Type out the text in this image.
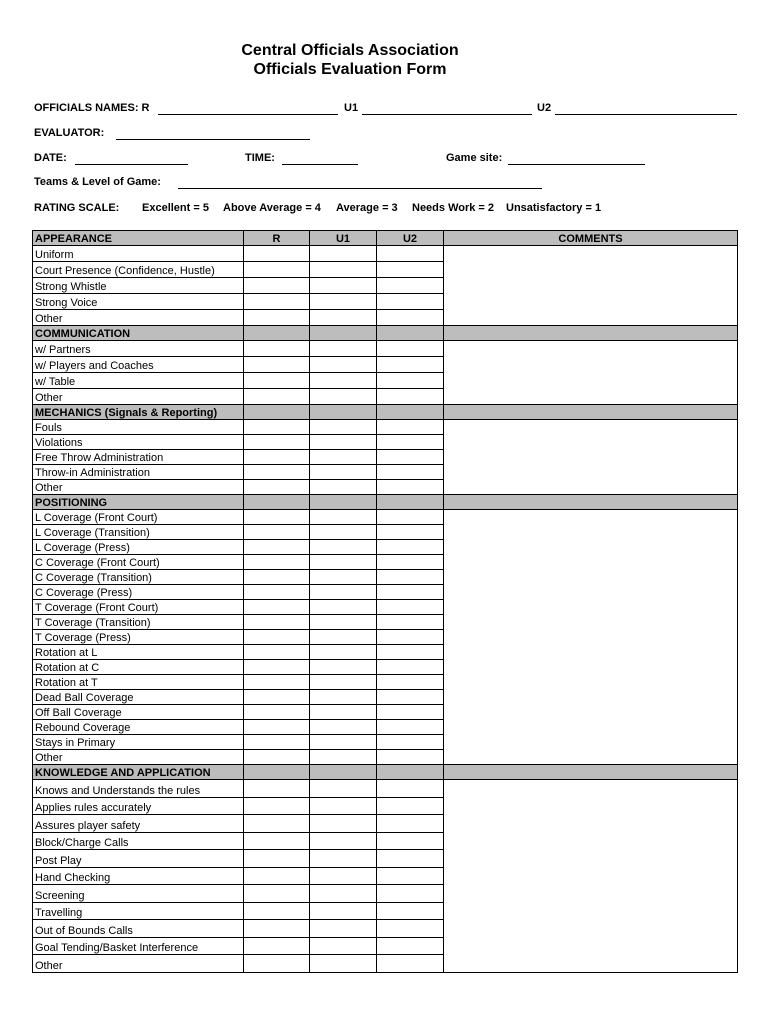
Central Officials Association
Officials Evaluation Form
OFFICIALS NAMES: R	U1	U2
EVALUATOR:
DATE:	TIME:	Game site:
Teams & Level of Game:
RATING SCALE: Excellent = 5 Above Average = 4 Average = 3 Needs Work = 2 Unsatisfactory = 1
APPEARANCE	R	U1	U2	COMMENTS
Uniform				
Court Presence (Confidence, Hustle)				
Strong Whistle				
Strong Voice				
Other				
COMMUNICATION				
w/ Partners				
w/ Players and Coaches				
w/ Table				
Other				
MECHANICS (Signals & Reporting)				
Fouls				
Violations				
Free Throw Administration				
Throw-in Administration				
Other				
POSITIONING				
L Coverage (Front Court)				
L Coverage (Transition)				
L Coverage (Press)				
C Coverage (Front Court)				
C Coverage (Transition)				
C Coverage (Press)				
T Coverage (Front Court)				
T Coverage (Transition)				
T Coverage (Press)				
Rotation at L				
Rotation at C				
Rotation at T				
Dead Ball Coverage				
Off Ball Coverage				
Rebound Coverage				
Stays in Primary				
Other				
KNOWLEDGE AND APPLICATION				
Knows and Understands the rules				
Applies rules accurately				
Assures player safety				
Block/Charge Calls				
Post Play				
Hand Checking				
Screening				
Travelling				
Out of Bounds Calls				
Goal Tending/Basket Interference				
Other				
